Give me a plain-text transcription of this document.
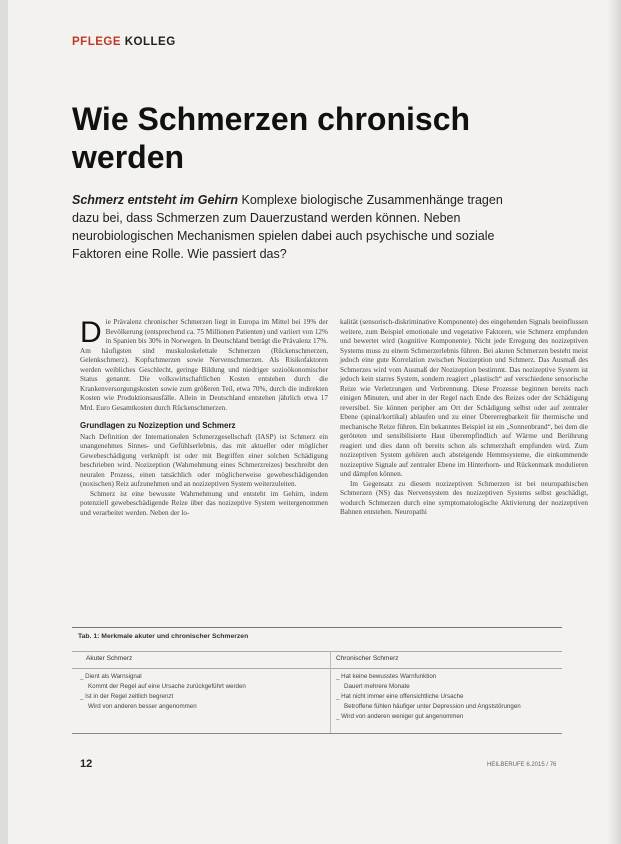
PFLEGE KOLLEG
Wie Schmerzen chronisch werden

Schmerz entsteht im Gehirn Komplexe biologische Zusammenhänge tragen dazu bei, dass Schmerzen zum Dauerzustand werden können. Neben neurobiologischen Mechanismen spielen dabei auch psychische und soziale Faktoren eine Rolle. Wie passiert das?

Die Prävalenz chronischer Schmerzen liegt in Europa im Mittel bei 19% der Bevölkerung (entsprechend ca. 75 Millionen Patienten) und variiert von 12% in Spanien bis 30% in Norwegen. In Deutschland beträgt die Prävalenz 17%. Am häufigsten sind muskuloskelettale Schmerzen (Rückenschmerzen, Gelenkschmerz). Kopfschmerzen sowie Nervenschmerzen. Als Risikofaktoren werden weibliches Geschlecht, geringe Bildung und niedriger sozioökonomischer Status genannt. Die volkswirtschaftlichen Kosten entstehen durch die Krankenversorgungskosten sowie zum größeren Teil, etwa 70%, durch die indirekten Kosten wie Produktionsausfälle. Allein in Deutschland entstehen jährlich etwa 17 Mrd. Euro Gesamtkosten durch Rückenschmerzen.

Grundlagen zu Nozizeption und Schmerz

Nach Definition der Internationalen Schmerzgesellschaft (IASP) ist Schmerz ein unangenehmes Sinnes- und Gefühlserlebnis, das mit aktueller oder möglicher Gewebeschädigung verknüpft ist oder mit Begriffen einer solchen Schädigung beschrieben wird. Nozizeption (Wahrnehmung eines Schmerzreizes) beschreibt den neuralen Prozess, einen tatsächlich oder möglicherweise gewebeschädigenden (noxischen) Reiz aufzunehmen und an nozizeptiven System weiterzuleiten.

Schmerz ist eine bewusste Wahrnehmung und entsteht im Gehirn, indem potenziell gewebeschädigende Reize über das nozizeptive System weitergenommen und verarbeitet werden. Neben der lo-

kalität (sensorisch-diskriminative Komponente) des eingehenden Signals beeinflussen weitere, zum Beispiel emotionale und vegetative Faktoren, wie Schmerz empfunden und bewertet wird (kognitive Komponente). Nicht jede Erregung des nozizeptiven Systems muss zu einem Schmerzerlebnis führen. Bei akuten Schmerzen besteht meist jedoch eine gute Korrelation zwischen Nozizeption und Schmerz. Das Ausmaß des Schmerzes wird vom Ausmaß der Nozizeption bestimmt. Das nozizeptive System ist jedoch kein starres System, sondern reagiert „plastisch“ auf verschiedene sensorische Reize wie Verletzungen und Verbrennung. Diese Prozesse beginnen bereits nach einigen Minuten, und aber in der Regel nach Ende des Reizes oder der Schädigung reversibel. Sie können peripher am Ort der Schädigung selbst oder auf zentraler Ebene (spinal/kortikal) ablaufen und zu einer Übererregbarkeit für thermische und mechanische Reize führen. Ein bekanntes Beispiel ist ein „Sonnenbrand“, bei dem die geröteten und sensibilisierte Haut überempfindlich auf Wärme und Berührung reagiert und dies dann oft bereits schon als schmerzhaft empfunden wird. Zum nozizeptiven System gehören auch absteigende Hemmsysteme, die einkommende nozizeptive Signale auf zentraler Ebene im Hinterhorn- und Rückenmark modulieren und dämpfen können.

Im Gegensatz zu diesem nozizeptiven Schmerzen ist bei neuropathischen Schmerzen (NS) das Nervensystem des nozizeptiven Systems selbst geschädigt, wodurch Schmerzen durch eine symptomatologische Aktivierung der nozizeptiven Bahnen entstehen. Neuropathi

Tab. 1: Merkmale akuter und chronischer Schmerzen
Akuter Schmerz	Chronischer Schmerz
_ Dient als Warnsignal
Kommt der Regel auf eine Ursache zurückgeführt werden
_ Ist in der Regel zeitlich begrenzt
Wird von anderen besser angenommen
_ Hat keine bewusstes Warnfunktion
Dauert mehrere Monate
_ Hat nicht immer eine offensichtliche Ursache
Betroffene fühlen häufiger unter Depression und Angststörungen
_ Wird von anderen weniger gut angenommen
12	HEILBERUFE 6.2015 / 76
